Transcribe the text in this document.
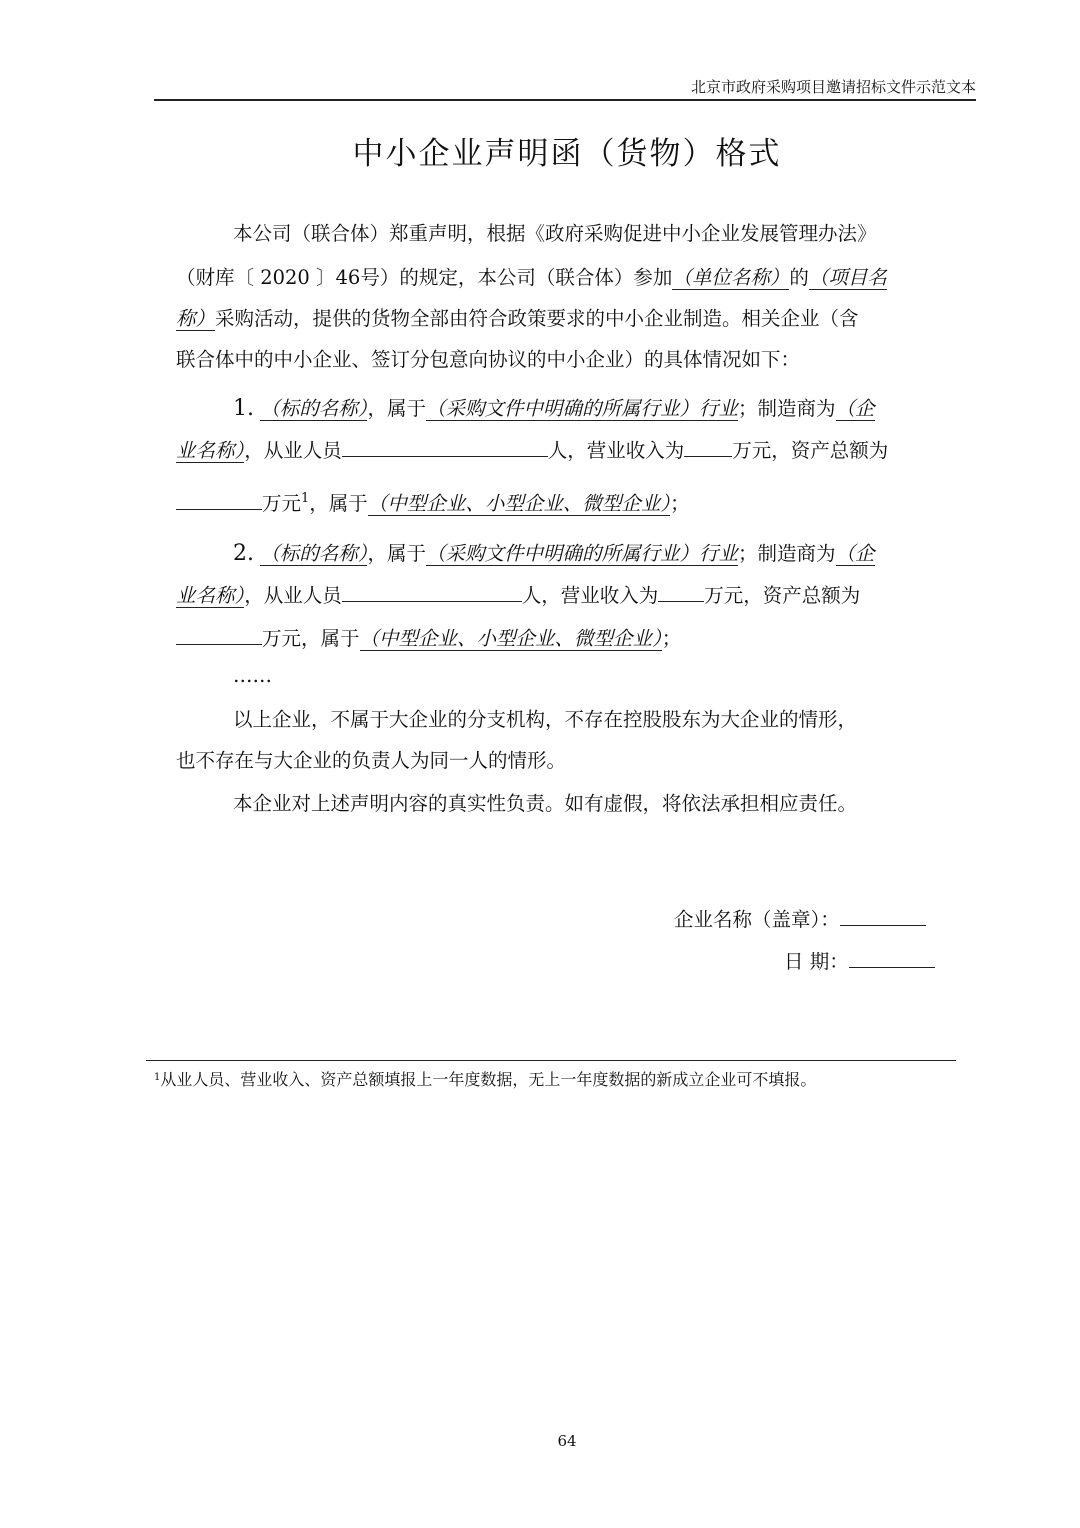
北京市政府采购项目邀请招标文件示范文本
中小企业声明函（货物）格式
本公司（联合体）郑重声明，根据《政府采购促进中小企业发展管理办法》
（财库〔 2020 〕46号）的规定，本公司（联合体）参加（单位名称）的（项目名
称）采购活动，提供的货物全部由符合政策要求的中小企业制造。相关企业（含
联合体中的中小企业、签订分包意向协议的中小企业）的具体情况如下：
1. （标的名称），属于（采购文件中明确的所属行业）行业；制造商为（企
业名称），从业人员	人，营业收入为 万元，资产总额为
万元$^1$，属于（中型企业、小型企业、微型企业）；
2. （标的名称），属于（采购文件中明确的所属行业）行业；制造商为（企
业名称），从业人员	人，营业收入为 万元，资产总额为
万元，属于（中型企业、小型企业、微型企业）；
……
以上企业，不属于大企业的分支机构，不存在控股股东为大企业的情形，
也不存在与大企业的负责人为同一人的情形。
本企业对上述声明内容的真实性负责。如有虚假，将依法承担相应责任。
企业名称（盖章）：
日 期：
$^1$从业人员、营业收入、资产总额填报上一年度数据，无上一年度数据的新成立企业可不填报。
64
